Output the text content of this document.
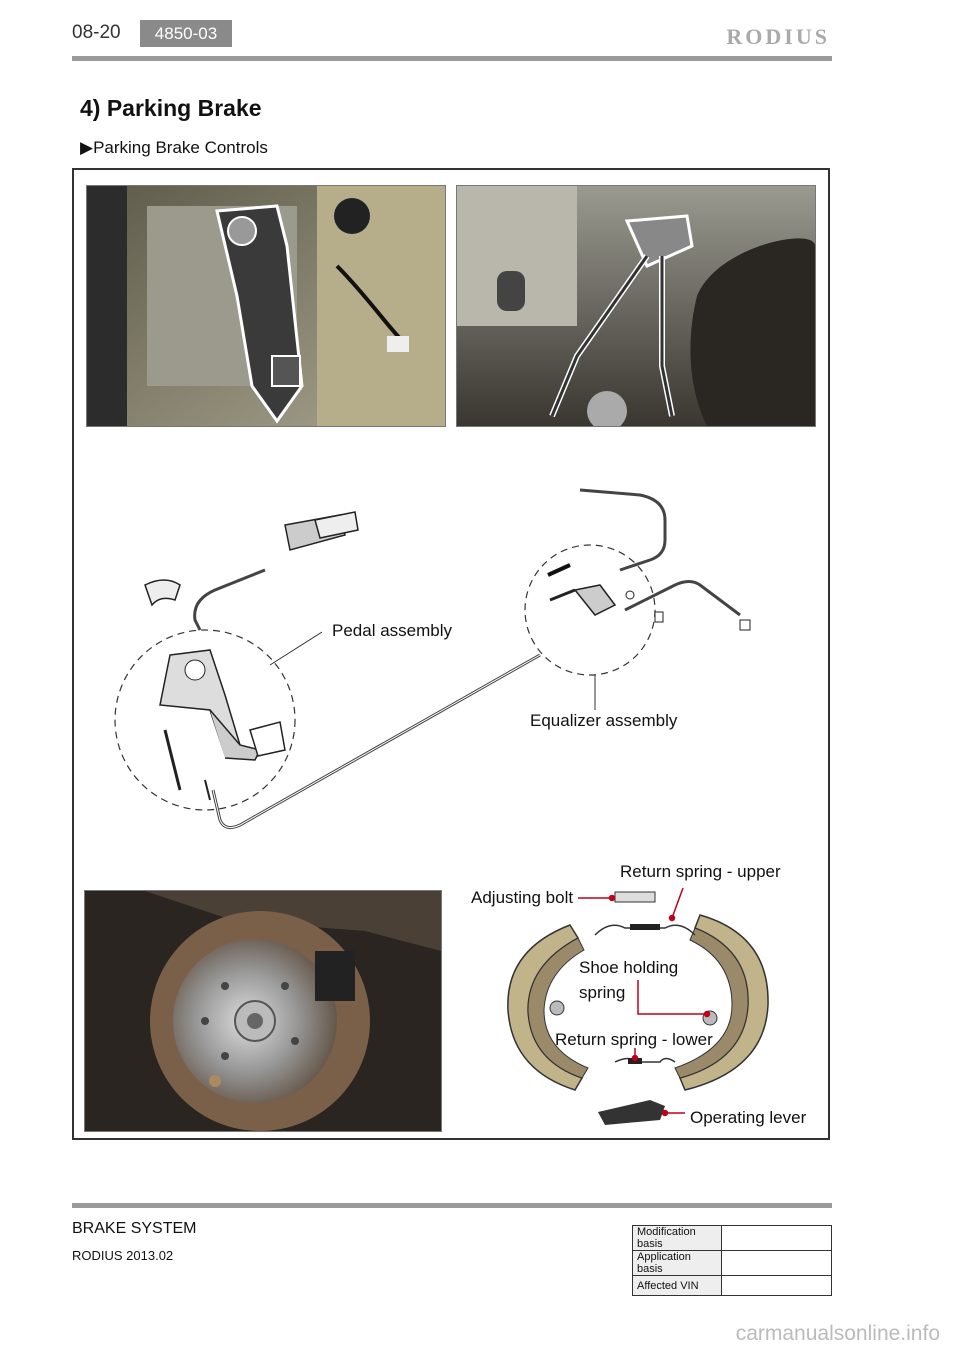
08-20	4850-03	RODIUS
4) Parking Brake
▶Parking Brake Controls
Pedal assembly
Equalizer assembly
Adjusting bolt
Return spring - upper
Shoe holding
spring
Return spring - lower
Operating lever
BRAKE SYSTEM
RODIUS 2013.02
Modification basis	
Application basis	
Affected VIN	
carmanualsonline.info
